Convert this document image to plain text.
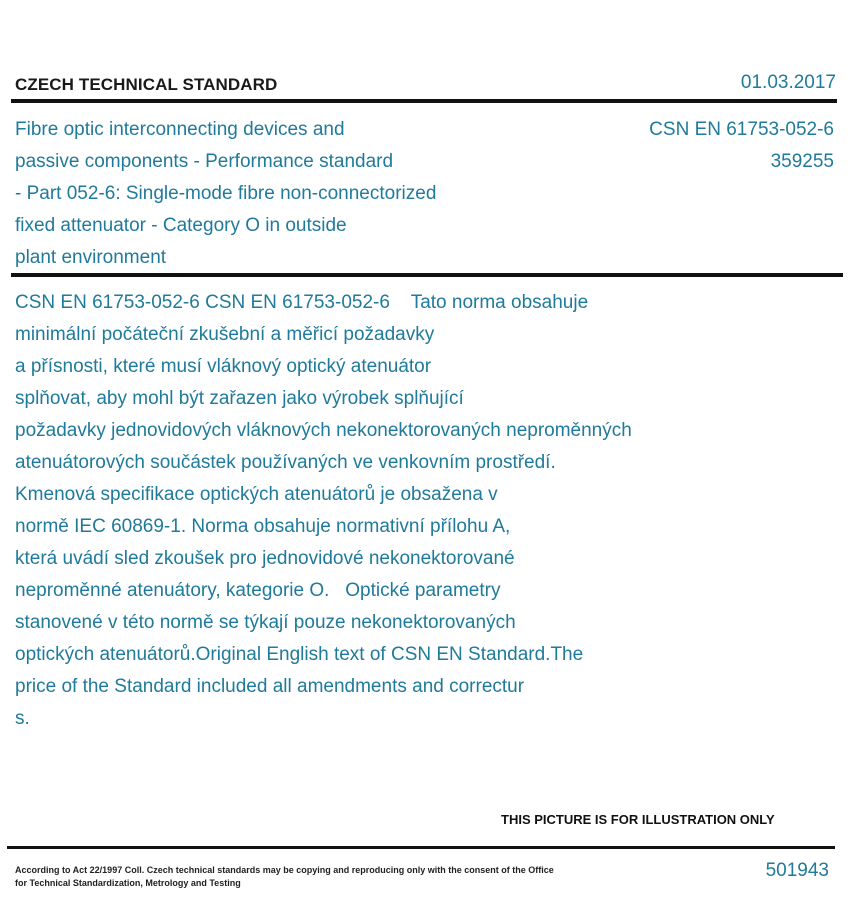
CZECH TECHNICAL STANDARD	01.03.2017
Fibre optic interconnecting devices and
passive components - Performance standard
- Part 052-6: Single-mode fibre non-connectorized
fixed attenuator - Category O in outside
plant environment
CSN EN 61753-052-6
359255
CSN EN 61753-052-6 CSN EN 61753-052-6    Tato norma obsahuje
minimální počáteční zkušební a měřicí požadavky
a přísnosti, které musí vláknový optický atenuátor
splňovat, aby mohl být zařazen jako výrobek splňující
požadavky jednovidových vláknových nekonektorovaných neproměnných
atenuátorových součástek používaných ve venkovním prostředí.
Kmenová specifikace optických atenuátorů je obsažena v
normě IEC 60869-1. Norma obsahuje normativní přílohu A,
která uvádí sled zkoušek pro jednovidové nekonektorované
neproměnné atenuátory, kategorie O.   Optické parametry
stanovené v této normě se týkají pouze nekonektorovaných
optických atenuátorů.Original English text of CSN EN Standard.The
price of the Standard included all amendments and correctur
s.
THIS PICTURE IS FOR ILLUSTRATION ONLY
According to Act 22/1997 Coll. Czech technical standards may be copying and reproducing only with the consent of the Office
for Technical Standardization, Metrology and Testing
501943
